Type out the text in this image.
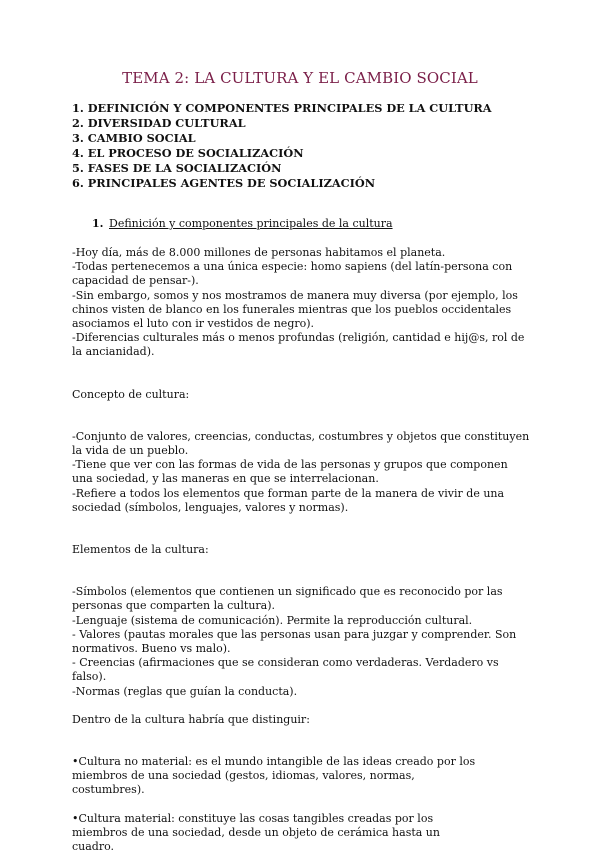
TEMA 2: LA CULTURA Y EL CAMBIO SOCIAL
1. DEFINICIÓN Y COMPONENTES PRINCIPALES DE LA CULTURA
2. DIVERSIDAD CULTURAL
3. CAMBIO SOCIAL
4. EL PROCESO DE SOCIALIZACIÓN
5. FASES DE LA SOCIALIZACIÓN
6. PRINCIPALES AGENTES DE SOCIALIZACIÓN
1. Definición y componentes principales de la cultura

-Hoy día, más de 8.000 millones de personas habitamos el planeta.

-Todas pertenecemos a una única especie: homo sapiens (del latín-persona con capacidad de pensar-).

-Sin embargo, somos y nos mostramos de manera muy diversa (por ejemplo, los chinos visten de blanco en los funerales mientras que los pueblos occidentales asociamos el luto con ir vestidos de negro).

-Diferencias culturales más o menos profundas (religión, cantidad e hij@s, rol de la ancianidad).

Concepto de cultura:

-Conjunto de valores, creencias, conductas, costumbres y objetos que constituyen la vida de un pueblo.

-Tiene que ver con las formas de vida de las personas y grupos que componen una sociedad, y las maneras en que se interrelacionan.

-Refiere a todos los elementos que forman parte de la manera de vivir de una sociedad (símbolos, lenguajes, valores y normas).

Elementos de la cultura:

-Símbolos (elementos que contienen un significado que es reconocido por las personas que comparten la cultura).

-Lenguaje (sistema de comunicación). Permite la reproducción cultural.

- Valores (pautas morales que las personas usan para juzgar y comprender. Son normativos. Bueno vs malo).

- Creencias (afirmaciones que se consideran como verdaderas. Verdadero vs falso).

-Normas (reglas que guían la conducta).

Dentro de la cultura habría que distinguir:

•Cultura no material: es el mundo intangible de las ideas creado por los miembros de una sociedad (gestos, idiomas, valores, normas, costumbres).

•Cultura material: constituye las cosas tangibles creadas por los miembros de una sociedad, desde un objeto de cerámica hasta un cuadro.
